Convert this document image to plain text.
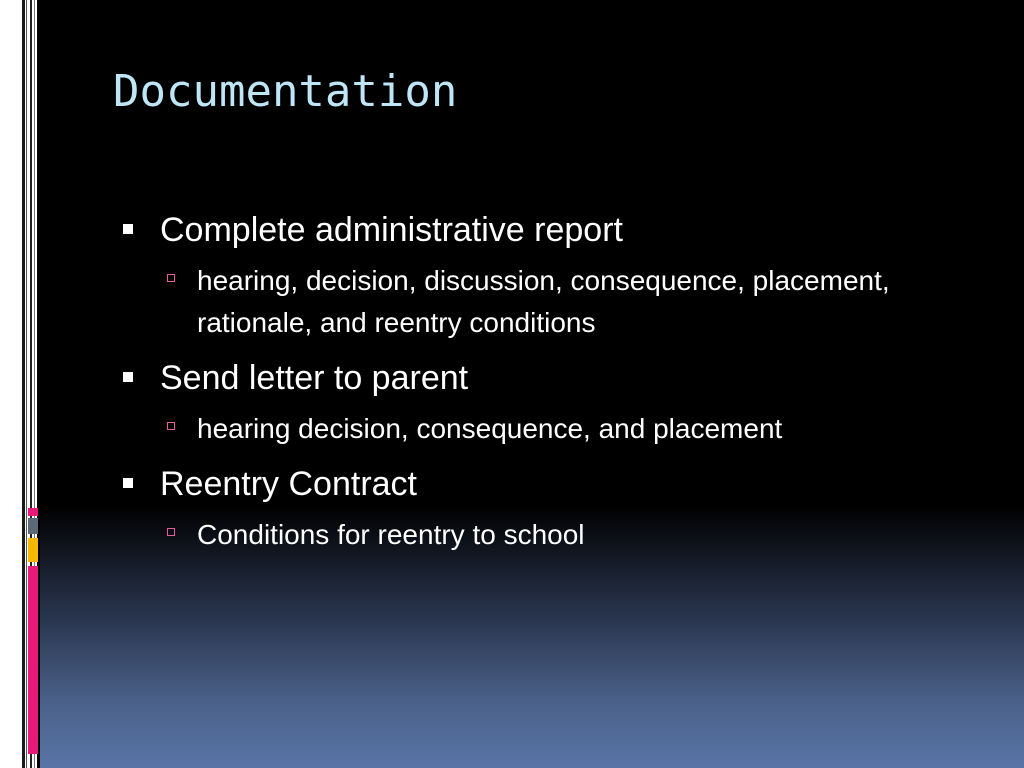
Documentation
Complete administrative report
hearing, decision, discussion, consequence, placement, rationale, and reentry conditions
Send letter to parent
hearing decision, consequence, and placement
Reentry Contract
Conditions for reentry to school
